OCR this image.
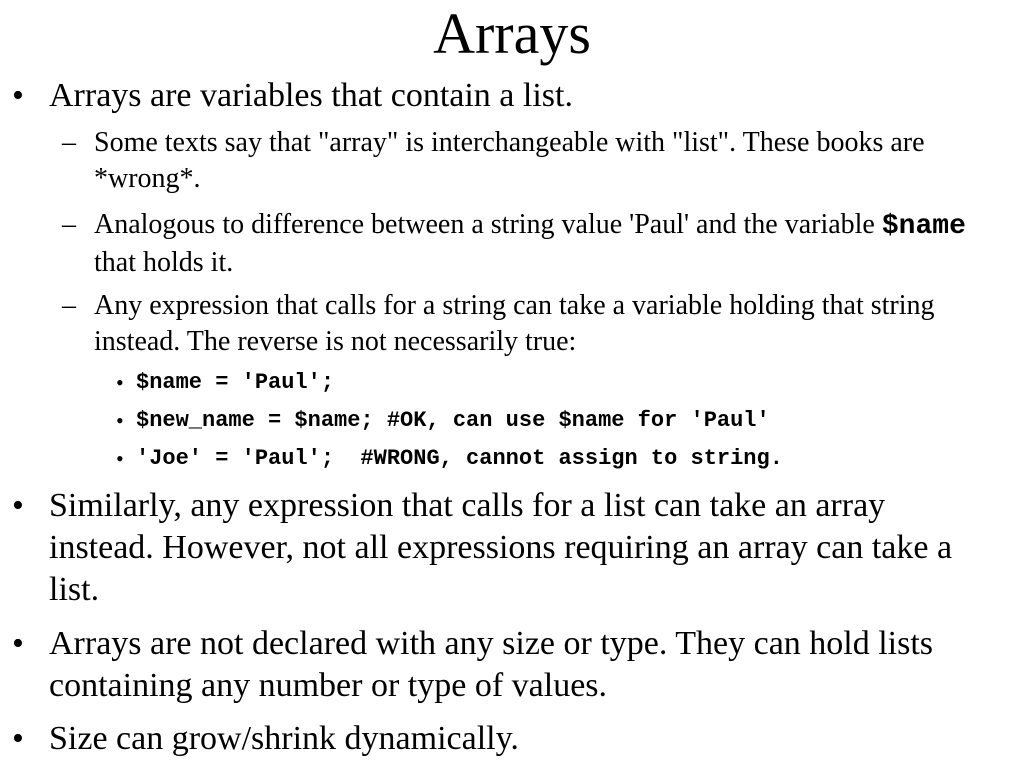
Arrays
• Arrays are variables that contain a list.
– Some texts say that "array" is interchangeable with "list". These books are *wrong*.
– Analogous to difference between a string value 'Paul' and the variable $name that holds it.
– Any expression that calls for a string can take a variable holding that string instead. The reverse is not necessarily true:
• $name = 'Paul';
• $new_name = $name; #OK, can use $name for 'Paul'
• 'Joe' = 'Paul';  #WRONG, cannot assign to string.
• Similarly, any expression that calls for a list can take an array instead. However, not all expressions requiring an array can take a list.
• Arrays are not declared with any size or type. They can hold lists containing any number or type of values.
• Size can grow/shrink dynamically.
